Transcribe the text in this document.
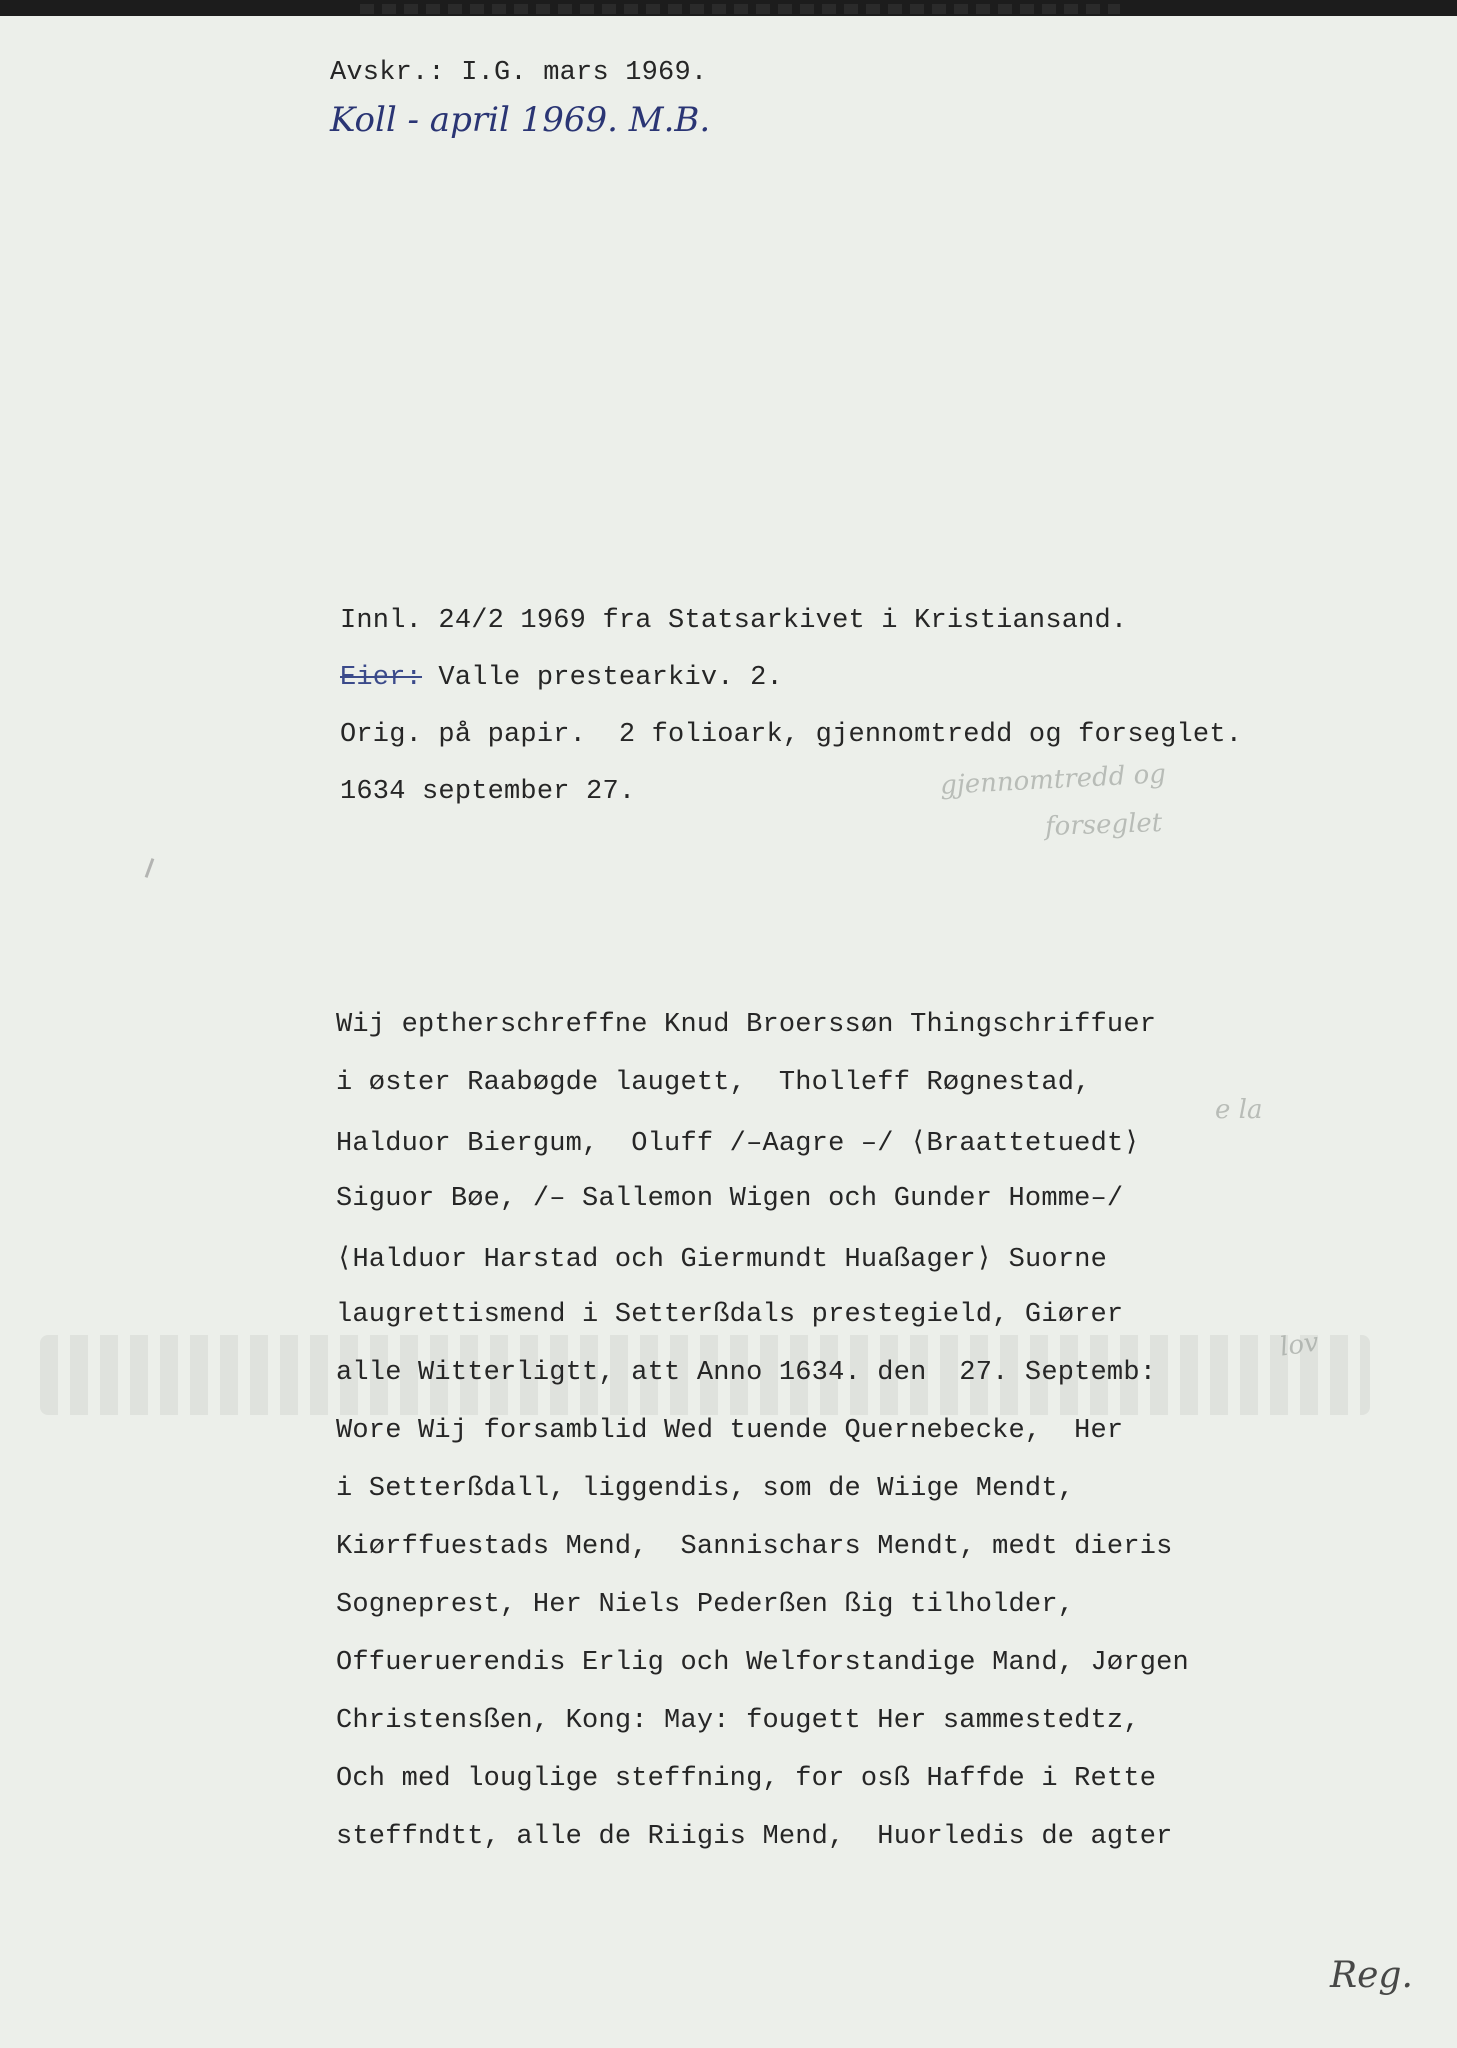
Avskr.: I.G. mars 1969.
Koll - april 1969. M.B.
Innl. 24/2 1969 fra Statsarkivet i Kristiansand.
Eier: Valle prestearkiv. 2.
Orig. på papir.  2 folioark, gjennomtredd og forseglet.
1634 september 27.	gjennomtredd og
forseglet
e la
lov
Reg.
Wij eptherschreffne Knud Broerssøn Thingschriffuer
i øster Raabøgde laugett,  Tholleff Røgnestad,
Halduor Biergum,  Oluff /–Aagre –/ ⟨Braattetuedt⟩
Siguor Bøe, /– Sallemon Wigen och Gunder Homme–/
⟨Halduor Harstad och Giermundt Huaßager⟩ Suorne
laugrettismend i Setterßdals prestegield, Giører
alle Witterligtt, att Anno 1634. den  27. Septemb:
Wore Wij forsamblid Wed tuende Quernebecke,  Her
i Setterßdall, liggendis, som de Wiige Mendt,
Kiørffuestads Mend,  Sannischars Mendt, medt dieris
Sogneprest, Her Niels Pederßen ßig tilholder,
Offueruerendis Erlig och Welforstandige Mand, Jørgen
Christensßen, Kong: May: fougett Her sammestedtz,
Och med louglige steffning, for osß Haffde i Rette
steffndtt, alle de Riigis Mend,  Huorledis de agter
